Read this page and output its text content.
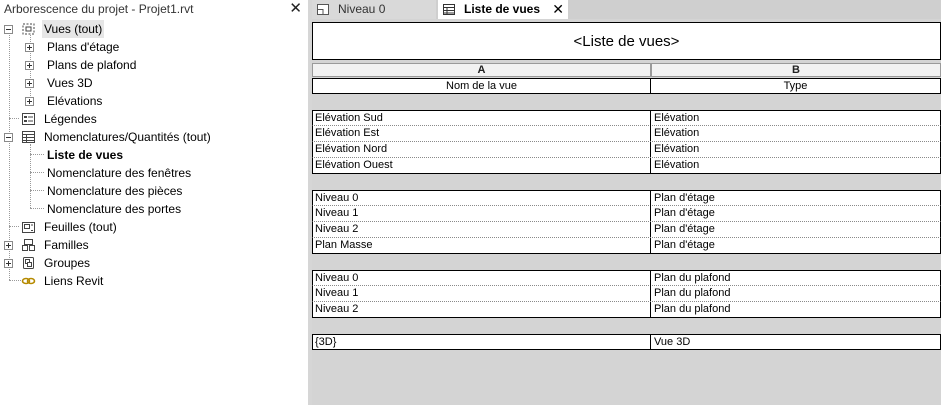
Arborescence du projet - Projet1.rvt	✕
Vues (tout)
Plans d'étage
Plans de plafond
Vues 3D
Elévations
Légendes
Nomenclatures/Quantités (tout)
Liste de vues
Nomenclature des fenêtres
Nomenclature des pièces
Nomenclature des portes
Feuilles (tout)
Familles
Groupes
Liens Revit
Niveau 0	Liste de vues ✕
<Liste de vues>
A	B
Nom de la vue	Type
Elévation Sud	Elévation
Elévation Est	Elévation
Elévation Nord	Elévation
Elévation Ouest	Elévation
Niveau 0	Plan d'étage
Niveau 1	Plan d'étage
Niveau 2	Plan d'étage
Plan Masse	Plan d'étage
Niveau 0	Plan du plafond
Niveau 1	Plan du plafond
Niveau 2	Plan du plafond
{3D}	Vue 3D
